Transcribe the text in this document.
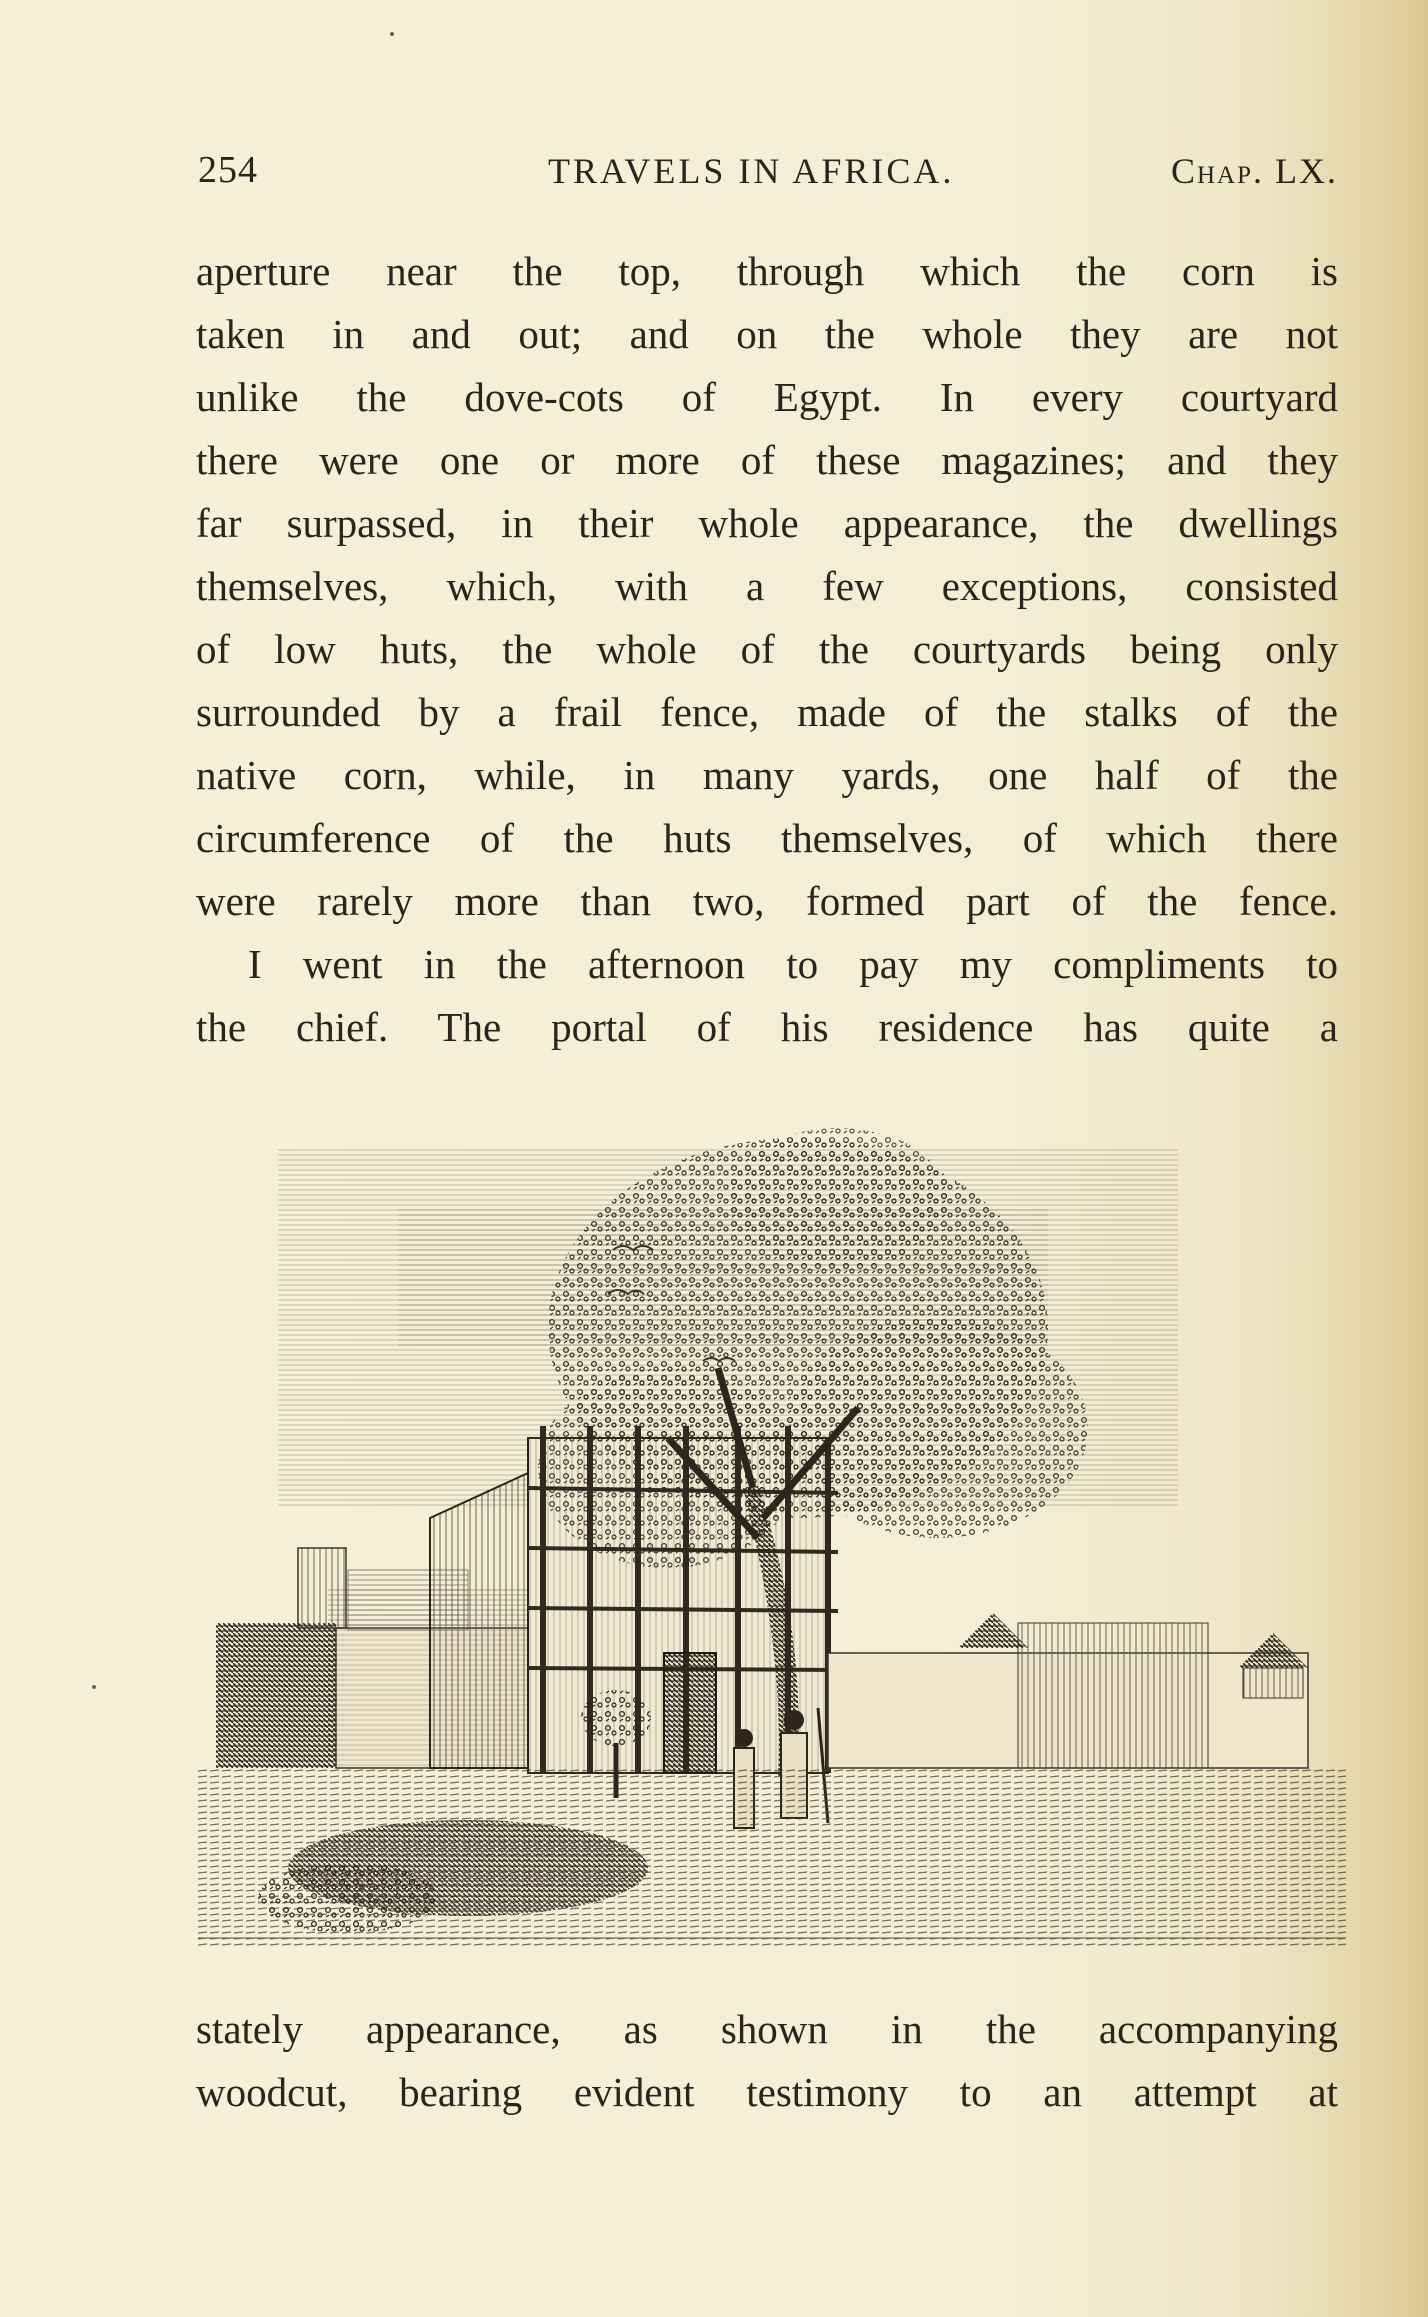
254	TRAVELS IN AFRICA.	Chap. LX.
aperture near the top, through which the corn is
taken in and out; and on the whole they are not
unlike the dove-cots of Egypt. In every courtyard
there were one or more of these magazines; and they
far surpassed, in their whole appearance, the dwellings
themselves, which, with a few exceptions, consisted
of low huts, the whole of the courtyards being only
surrounded by a frail fence, made of the stalks of the
native corn, while, in many yards, one half of the
circumference of the huts themselves, of which there
were rarely more than two, formed part of the fence.
I went in the afternoon to pay my compliments to
the chief. The portal of his residence has quite a
stately appearance, as shown in the accompanying
woodcut, bearing evident testimony to an attempt at
